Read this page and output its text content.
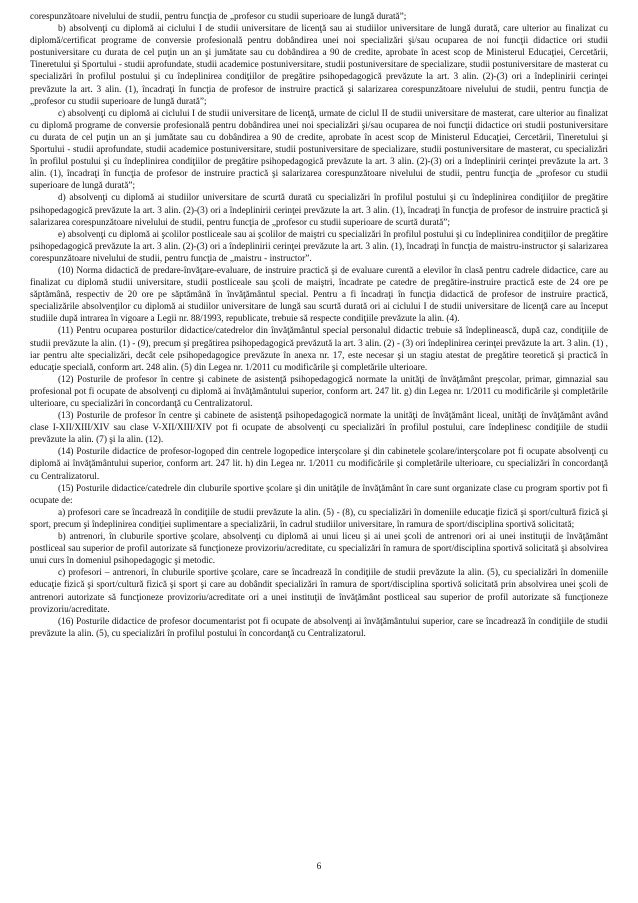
corespunzătoare nivelului de studii, pentru funcţia de „profesor cu studii superioare de lungă durată”;

b) absolvenţi cu diplomă ai ciclului I de studii universitare de licenţă sau ai studiilor universitare de lungă durată, care ulterior au finalizat cu diplomă/certificat programe de conversie profesională pentru dobândirea unei noi specializări şi/sau ocuparea de noi funcţii didactice ori studii postuniversitare cu durata de cel puţin un an şi jumătate sau cu dobândirea a 90 de credite, aprobate în acest scop de Ministerul Educaţiei, Cercetării, Tineretului şi Sportului - studii aprofundate, studii academice postuniversitare, studii postuniversitare de specializare, studii postuniversitare de masterat cu specializări în profilul postului şi cu îndeplinirea condiţiilor de pregătire psihopedagogică prevăzute la art. 3 alin. (2)-(3) ori a îndeplinirii cerinţei prevăzute la art. 3 alin. (1), încadraţi în funcţia de profesor de instruire practică şi salarizarea corespunzătoare nivelului de studii, pentru funcţia de „profesor cu studii superioare de lungă durată”;

c) absolvenţi cu diplomă ai ciclului I de studii universitare de licenţă, urmate de ciclul II de studii universitare de masterat, care ulterior au finalizat cu diplomă programe de conversie profesională pentru dobândirea unei noi specializări şi/sau ocuparea de noi funcţii didactice ori studii postuniversitare cu durata de cel puţin un an şi jumătate sau cu dobândirea a 90 de credite, aprobate în acest scop de Ministerul Educaţiei, Cercetării, Tineretului şi Sportului - studii aprofundate, studii academice postuniversitare, studii postuniversitare de specializare, studii postuniversitare de masterat, cu specializări în profilul postului şi cu îndeplinirea condiţiilor de pregătire psihopedagogică prevăzute la art. 3 alin. (2)-(3) ori a îndeplinirii cerinţei prevăzute la art. 3 alin. (1), încadraţi în funcţia de profesor de instruire practică şi salarizarea corespunzătoare nivelului de studii, pentru funcţia de „profesor cu studii superioare de lungă durată”;

d) absolvenţi cu diplomă ai studiilor universitare de scurtă durată cu specializări în profilul postului şi cu îndeplinirea condiţiilor de pregătire psihopedagogică prevăzute la art. 3 alin. (2)-(3) ori a îndeplinirii cerinţei prevăzute la art. 3 alin. (1), încadraţi în funcţia de profesor de instruire practică şi salarizarea corespunzătoare nivelului de studii, pentru funcţia de „profesor cu studii superioare de scurtă durată”;

e) absolvenţi cu diplomă ai şcolilor postliceale sau ai şcolilor de maiştri cu specializări în profilul postului şi cu îndeplinirea condiţiilor de pregătire psihopedagogică prevăzute la art. 3 alin. (2)-(3) ori a îndeplinirii cerinţei prevăzute la art. 3 alin. (1), încadraţi în funcţia de maistru-instructor şi salarizarea corespunzătoare nivelului de studii, pentru funcţia de „maistru - instructor”.

(10) Norma didactică de predare-învăţare-evaluare, de instruire practică şi de evaluare curentă a elevilor în clasă pentru cadrele didactice, care au finalizat cu diplomă studii universitare, studii postliceale sau şcoli de maiştri, încadrate pe catedre de pregătire-instruire practică este de 24 ore pe săptămână, respectiv de 20 ore pe săptămână în învăţământul special. Pentru a fi încadraţi în funcţia didactică de profesor de instruire practică, specializările absolvenţilor cu diplomă ai studiilor universitare de lungă sau scurtă durată ori ai ciclului I de studii universitare de licenţă care au început studiile după intrarea în vigoare a Legii nr. 88/1993, republicate, trebuie să respecte condiţiile prevăzute la alin. (4).

(11) Pentru ocuparea posturilor didactice/catedrelor din învăţământul special personalul didactic trebuie să îndeplinească, după caz, condiţiile de studii prevăzute la alin. (1) - (9), precum şi pregătirea psihopedagogică prevăzută la art. 3 alin. (2) - (3) ori îndeplinirea cerinţei prevăzute la art. 3 alin. (1) , iar pentru alte specializări, decât cele psihopedagogice prevăzute în anexa nr. 17, este necesar şi un stagiu atestat de pregătire teoretică şi practică în educaţie specială, conform art. 248 alin. (5) din Legea nr. 1/2011 cu modificările şi completările ulterioare.

(12) Posturile de profesor în centre şi cabinete de asistenţă psihopedagogică normate la unităţi de învăţământ preşcolar, primar, gimnazial sau profesional pot fi ocupate de absolvenţi cu diplomă ai învăţământului superior, conform art. 247 lit. g) din Legea nr. 1/2011 cu modificările şi completările ulterioare, cu specializări în concordanţă cu Centralizatorul.

(13) Posturile de profesor în centre şi cabinete de asistenţă psihopedagogică normate la unităţi de învăţământ liceal, unităţi de învăţământ având clase I-XII/XIII/XIV sau clase V-XII/XIII/XIV pot fi ocupate de absolvenţi cu specializări în profilul postului, care îndeplinesc condiţiile de studii prevăzute la alin. (7) şi la alin. (12).

(14) Posturile didactice de profesor-logoped din centrele logopedice interşcolare şi din cabinetele şcolare/interşcolare pot fi ocupate absolvenţi cu diplomă ai învăţământului superior, conform art. 247 lit. h) din Legea nr. 1/2011 cu modificările şi completările ulterioare, cu specializări în concordanţă cu Centralizatorul.

(15) Posturile didactice/catedrele din cluburile sportive şcolare şi din unităţile de învăţământ în care sunt organizate clase cu program sportiv pot fi ocupate de:

a) profesori care se încadrează în condiţiile de studii prevăzute la alin. (5) - (8), cu specializări în domeniile educaţie fizică şi sport/cultură fizică şi sport, precum şi îndeplinirea condiţiei suplimentare a specializării, în cadrul studiilor universitare, în ramura de sport/disciplina sportivă solicitată;

b) antrenori, în cluburile sportive şcolare, absolvenţi cu diplomă ai unui liceu şi ai unei şcoli de antrenori ori ai unei instituţii de învăţământ postliceal sau superior de profil autorizate să funcţioneze provizoriu/acreditate, cu specializări în ramura de sport/disciplina sportivă solicitată şi absolvirea unui curs în domeniul psihopedagogic şi metodic.

c) profesori – antrenori, în cluburile sportive şcolare, care se încadrează în condiţiile de studii prevăzute la alin. (5), cu specializări în domeniile educaţie fizică şi sport/cultură fizică şi sport şi care au dobândit specializări în ramura de sport/disciplina sportivă solicitată prin absolvirea unei şcoli de antrenori autorizate să funcţioneze provizoriu/acreditate ori a unei instituţii de învăţământ postliceal sau superior de profil autorizate să funcţioneze provizoriu/acreditate.

(16) Posturile didactice de profesor documentarist pot fi ocupate de absolvenţi ai învăţământului superior, care se încadrează în condiţiile de studii prevăzute la alin. (5), cu specializări în profilul postului în concordanţă cu Centralizatorul.

6
